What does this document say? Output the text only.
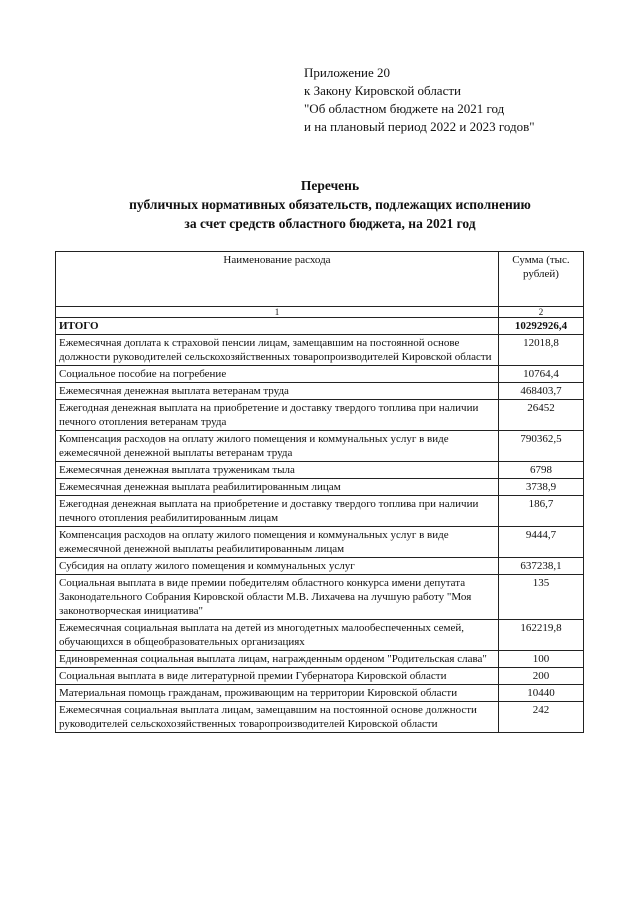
Приложение 20
к Закону Кировской области
"Об областном бюджете на 2021 год
и на плановый период 2022 и 2023 годов"
Перечень
публичных нормативных обязательств, подлежащих исполнению
за счет средств областного бюджета, на 2021 год
Наименование расхода	Сумма (тыс. рублей)
1	2
ИТОГО	10292926,4
Ежемесячная доплата к страховой пенсии лицам, замещавшим на постоянной основе должности руководителей сельскохозяйственных товаропроизводителей Кировской области	12018,8
Социальное пособие на погребение	10764,4
Ежемесячная денежная выплата ветеранам труда	468403,7
Ежегодная денежная выплата на приобретение и доставку твердого топлива при наличии печного отопления ветеранам труда	26452
Компенсация расходов на оплату жилого помещения и коммунальных услуг в виде ежемесячной денежной выплаты ветеранам труда	790362,5
Ежемесячная денежная выплата труженикам тыла	6798
Ежемесячная денежная выплата реабилитированным лицам	3738,9
Ежегодная денежная выплата на приобретение и доставку твердого топлива при наличии печного отопления реабилитированным лицам	186,7
Компенсация расходов на оплату жилого помещения и коммунальных услуг в виде ежемесячной денежной выплаты реабилитированным лицам	9444,7
Субсидия на оплату жилого помещения и коммунальных услуг	637238,1
Социальная выплата в виде премии победителям областного конкурса имени депутата Законодательного Собрания Кировской области М.В. Лихачева на лучшую работу "Моя законотворческая инициатива"	135
Ежемесячная социальная выплата на детей из многодетных малообеспеченных семей, обучающихся в общеобразовательных организациях	162219,8
Единовременная социальная выплата лицам, награжденным орденом "Родительская слава"	100
Социальная выплата в виде литературной премии Губернатора Кировской области	200
Материальная помощь гражданам, проживающим на территории Кировской области	10440
Ежемесячная социальная выплата лицам, замещавшим на постоянной основе должности руководителей сельскохозяйственных товаропроизводителей Кировской области	242
